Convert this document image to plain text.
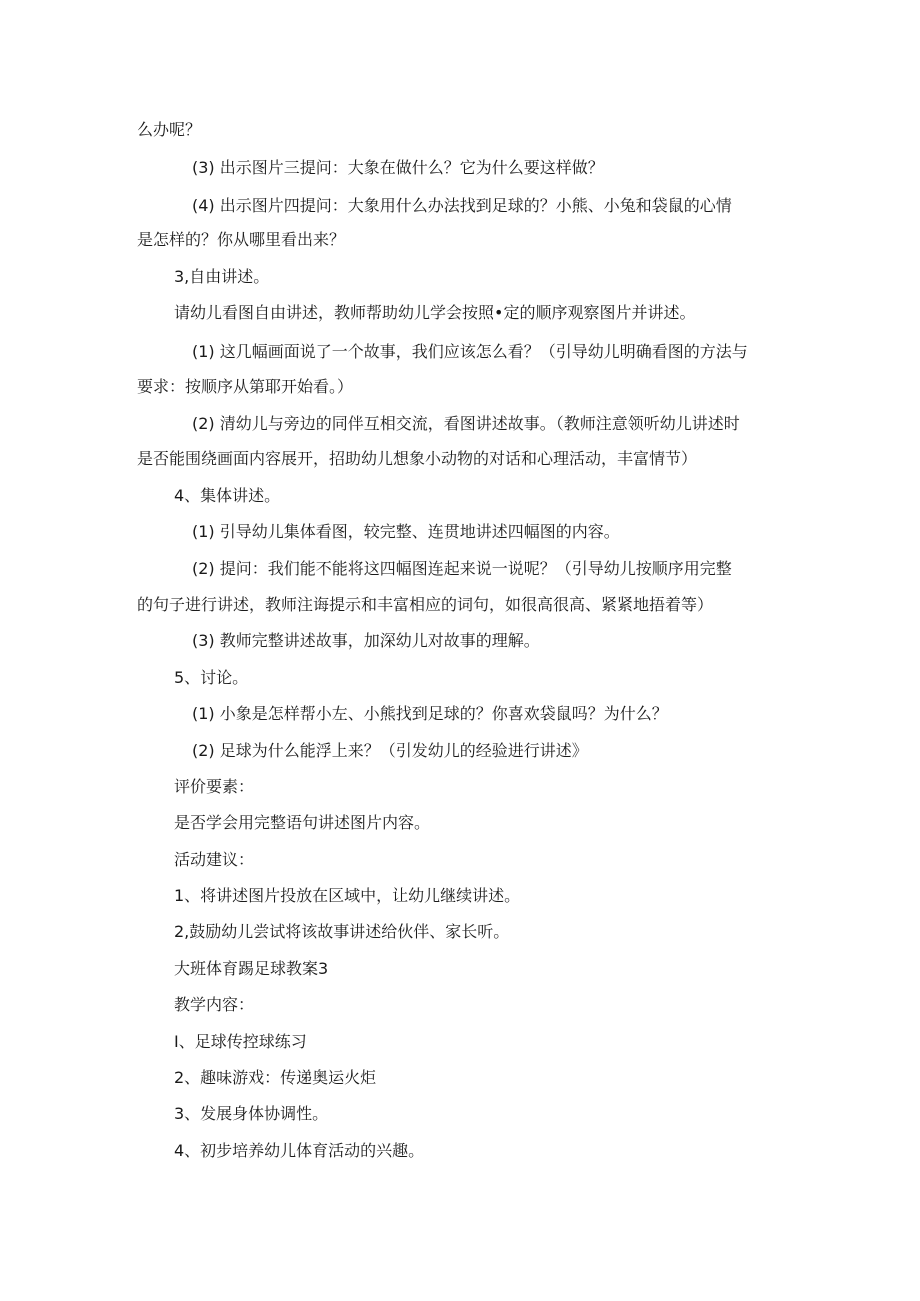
么办呢？
(3) 出示图片三提问：大象在做什么？它为什么要这样做？
(4) 出示图片四提问：大象用什么办法找到足球的？小熊、小兔和袋鼠的心情
是怎样的？你从哪里看出来？
3,自由讲述。
请幼儿看图自由讲述，教师帮助幼儿学会按照•定的顺序观察图片并讲述。
(1) 这几幅画面说了一个故事，我们应该怎么看？（引导幼儿明确看图的方法与
要求：按顺序从第耶开始看。）
(2) 清幼儿与旁边的同伴互相交流，看图讲述故事。（教师注意领听幼儿讲述时
是否能围绕画面内容展开，招助幼儿想象小动物的对话和心理活动，丰富情节）
4、集体讲述。
(1) 引导幼儿集体看图，较完整、连贯地讲述四幅图的内容。
(2) 提问：我们能不能将这四幅图连起来说一说呢？（引导幼儿按顺序用完整
的句子进行讲述，教师注诲提示和丰富相应的词句，如很高很高、紧紧地捂着等）
(3) 教师完整讲述故事，加深幼儿对故事的理解。
5、讨论。
(1) 小象是怎样帮小左、小熊找到足球的？你喜欢袋鼠吗？为什么？
(2) 足球为什么能浮上来？（引发幼儿的经验进行讲述》
评价要素：
是否学会用完整语句讲述图片内容。
活动建议：
1、将讲述图片投放在区域中，让幼儿继续讲述。
2,鼓励幼儿尝试将该故事讲述给伙伴、家长听。
大班体育踢足球教案3
教学内容：
I、足球传控球练习
2、趣味游戏：传递奥运火炬
3、发展身体协调性。
4、初步培养幼儿体育活动的兴趣。
